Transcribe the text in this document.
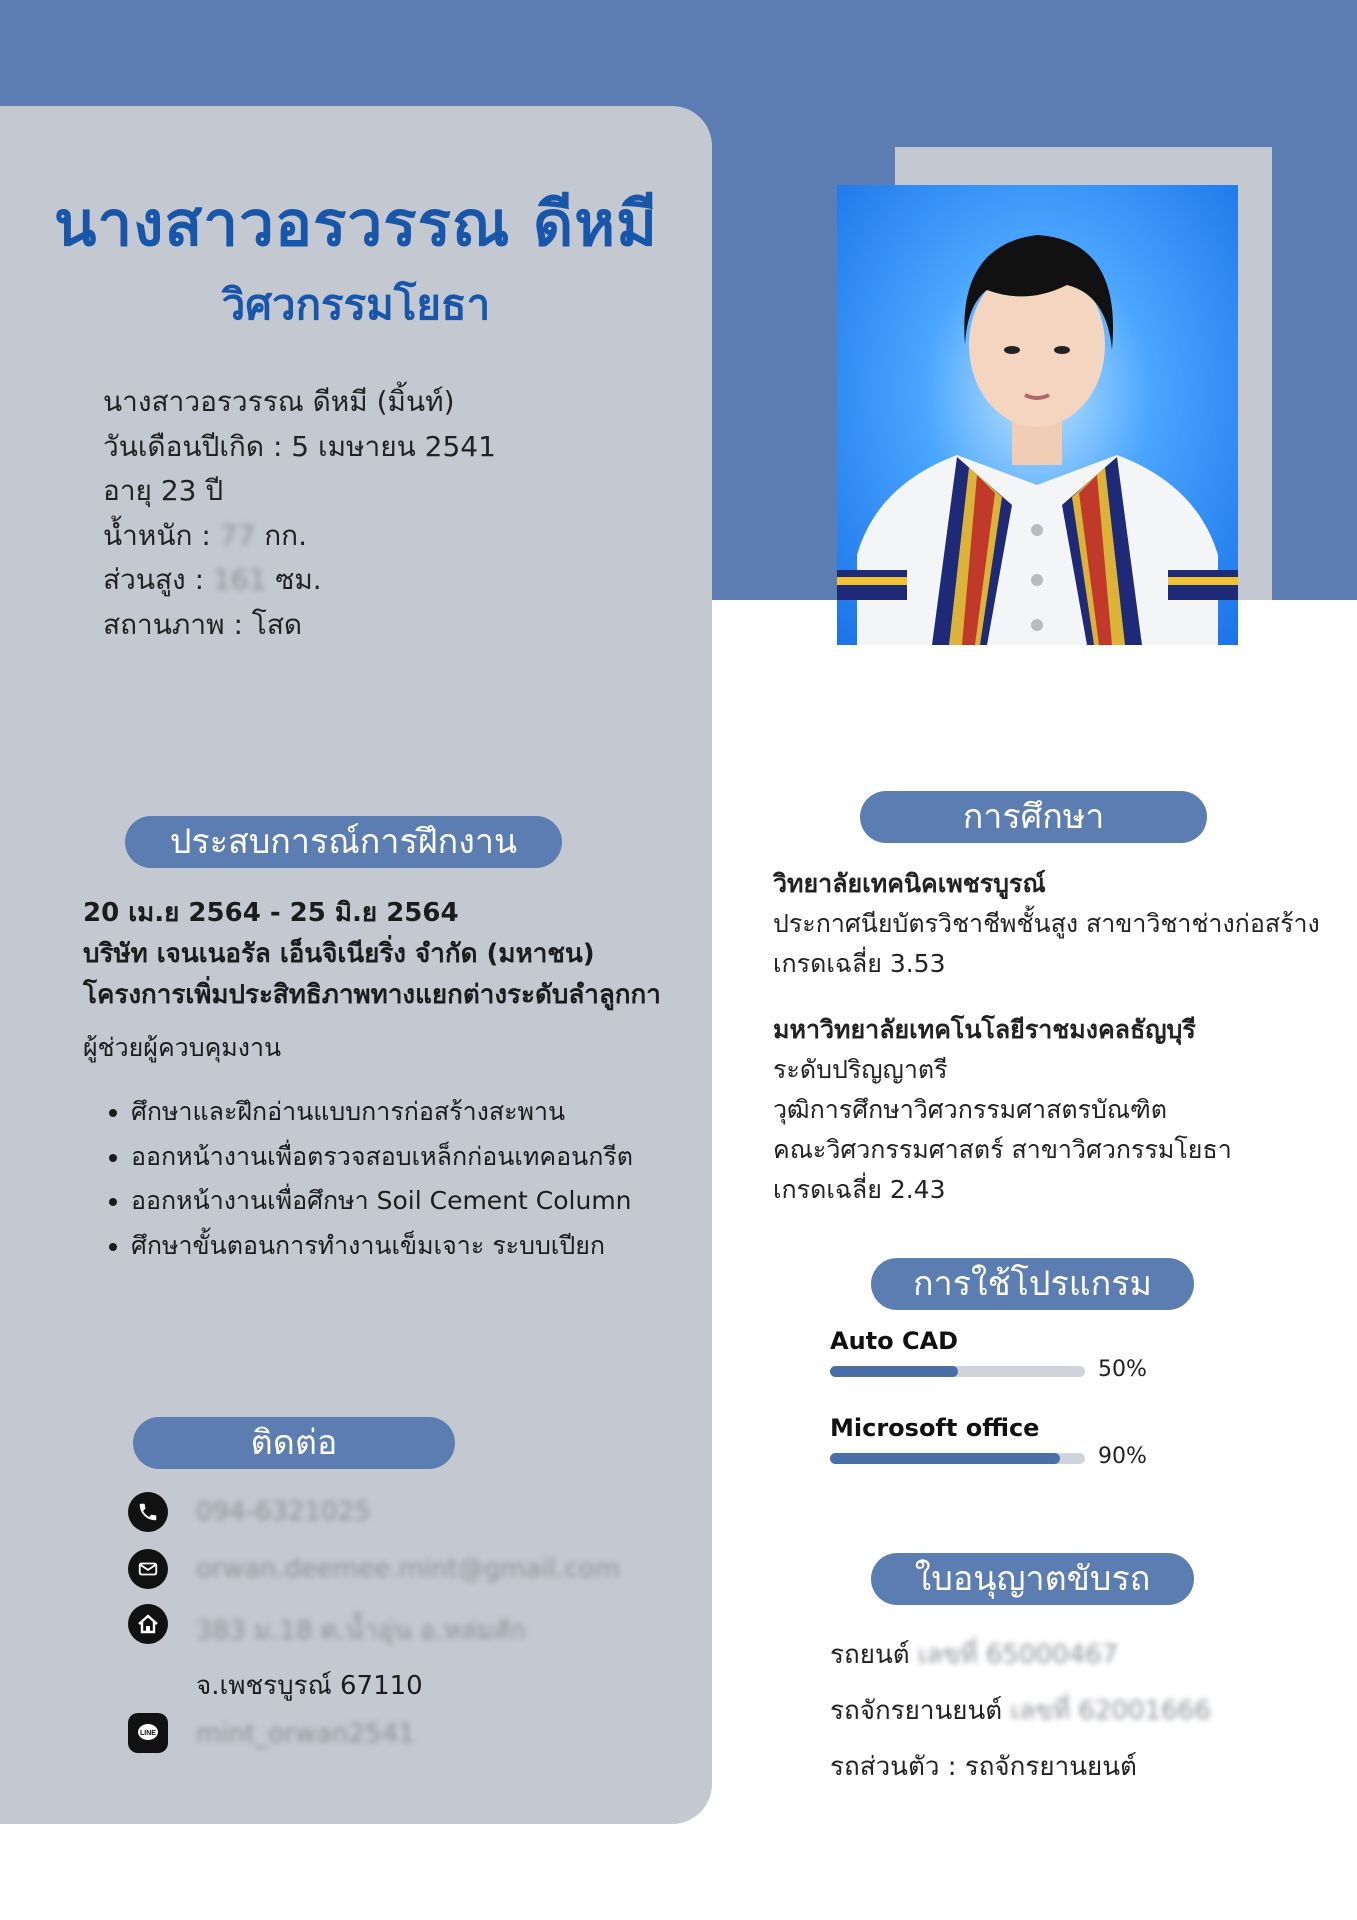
นางสาวอรวรรณ ดีหมี
วิศวกรรมโยธา
นางสาวอรวรรณ ดีหมี (มิ้นท์)
วันเดือนปีเกิด : 5 เมษายน 2541
อายุ 23 ปี
น้ำหนัก : 77 กก.
ส่วนสูง : 161 ซม.
สถานภาพ : โสด
ประสบการณ์การฝึกงาน
20 เม.ย 2564 - 25 มิ.ย 2564
บริษัท เจนเนอรัล เอ็นจิเนียริ่ง จำกัด (มหาชน)
โครงการเพิ่มประสิทธิภาพทางแยกต่างระดับลำลูกกา
ผู้ช่วยผู้ควบคุมงาน
• ศึกษาและฝึกอ่านแบบการก่อสร้างสะพาน
• ออกหน้างานเพื่อตรวจสอบเหล็กก่อนเทคอนกรีต
• ออกหน้างานเพื่อศึกษา Soil Cement Column
• ศึกษาขั้นตอนการทำงานเข็มเจาะ ระบบเปียก
ติดต่อ
094-6321025
orwan.deemee.mint@gmail.com
383 ม.18 ต.น้ำอุ่น อ.หล่มสัก
จ.เพชรบูรณ์ 67110
LINE mint_orwan2541
การศึกษา
วิทยาลัยเทคนิคเพชรบูรณ์
ประกาศนียบัตรวิชาชีพชั้นสูง สาขาวิชาช่างก่อสร้าง
เกรดเฉลี่ย 3.53
มหาวิทยาลัยเทคโนโลยีราชมงคลธัญบุรี
ระดับปริญญาตรี
วุฒิการศึกษาวิศวกรรมศาสตรบัณฑิต
คณะวิศวกรรมศาสตร์ สาขาวิศวกรรมโยธา
เกรดเฉลี่ย 2.43
การใช้โปรแกรม
Auto CAD
50%
Microsoft office
90%
ใบอนุญาตขับรถ
รถยนต์ เลขที่ 65000467
รถจักรยานยนต์ เลขที่ 62001666
รถส่วนตัว : รถจักรยานยนต์
